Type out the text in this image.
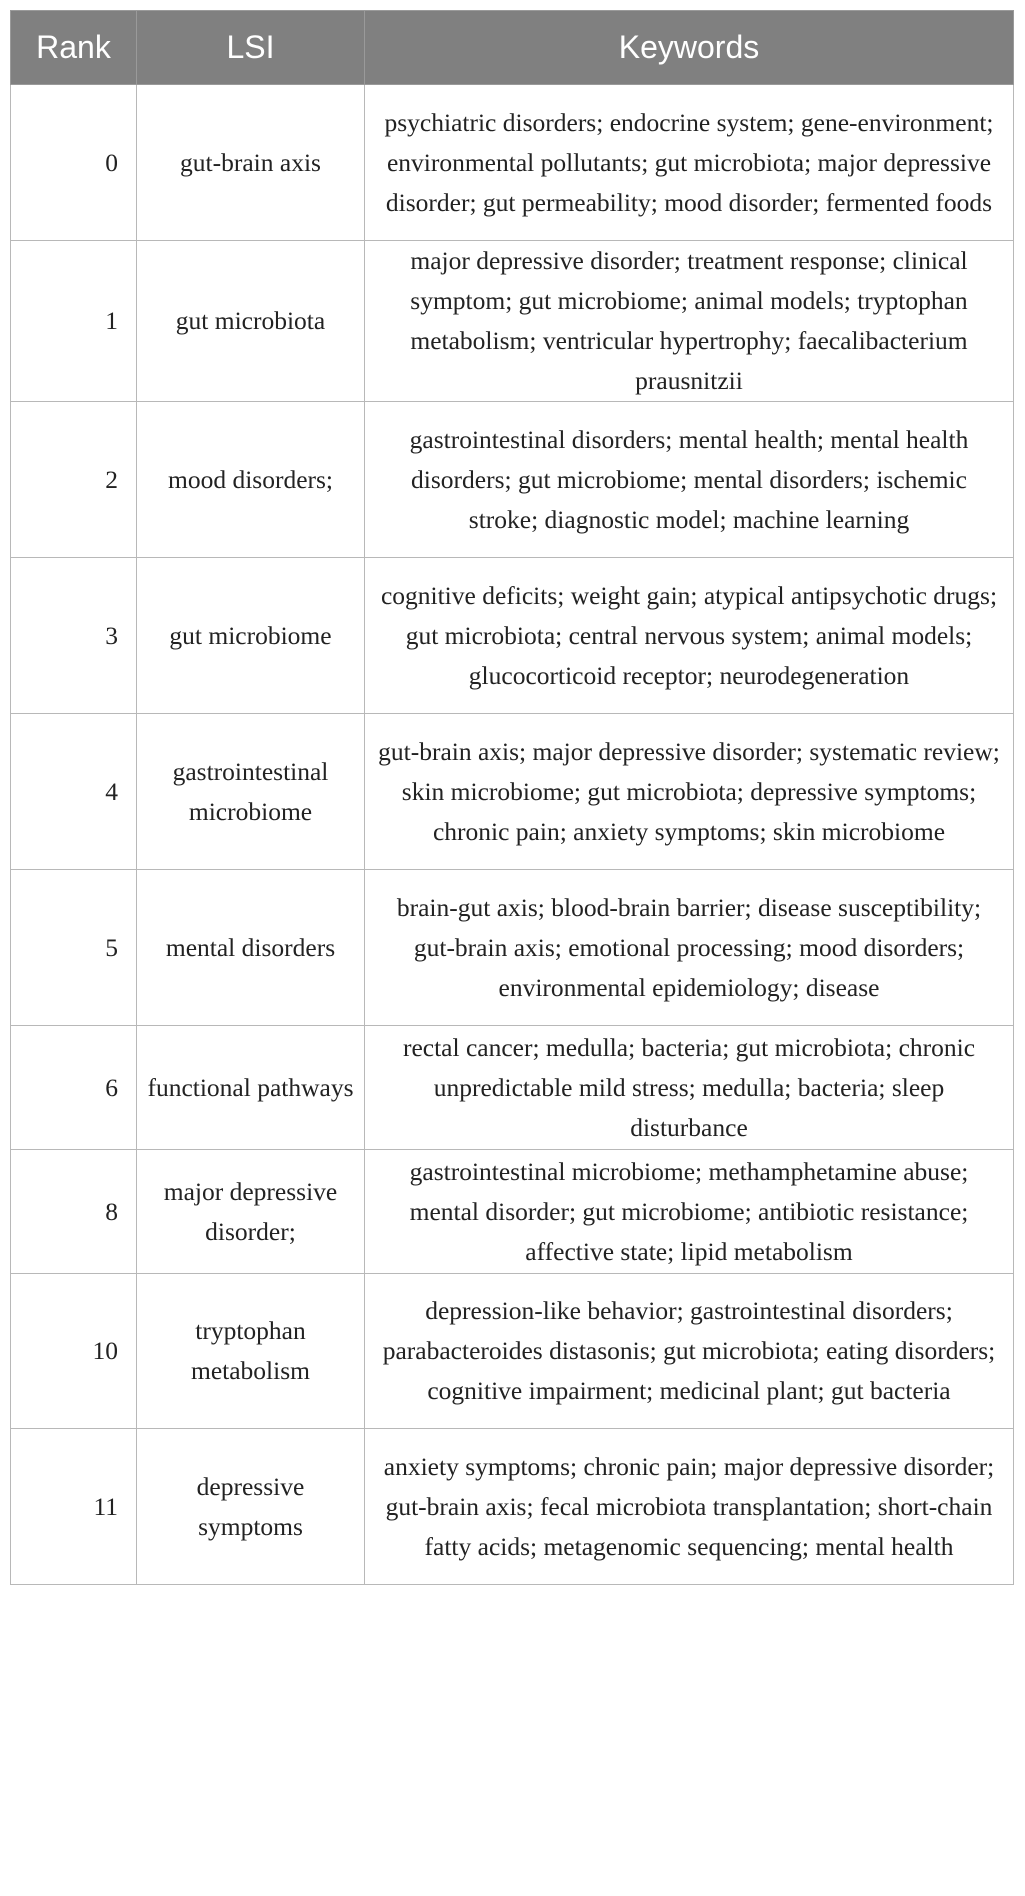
Rank	LSI	Keywords
0	gut-brain axis	psychiatric disorders; endocrine system; gene-environment; environmental pollutants; gut microbiota; major depressive disorder; gut permeability; mood disorder; fermented foods
1	gut microbiota	major depressive disorder; treatment response; clinical symptom; gut microbiome; animal models; tryptophan metabolism; ventricular hypertrophy; faecalibacterium prausnitzii
2	mood disorders;	gastrointestinal disorders; mental health; mental health disorders; gut microbiome; mental disorders; ischemic stroke; diagnostic model; machine learning
3	gut microbiome	cognitive deficits; weight gain; atypical antipsychotic drugs; gut microbiota; central nervous system; animal models; glucocorticoid receptor; neurodegeneration
4	gastrointestinal microbiome	gut-brain axis; major depressive disorder; systematic review; skin microbiome; gut microbiota; depressive symptoms; chronic pain; anxiety symptoms; skin microbiome
5	mental disorders	brain-gut axis; blood-brain barrier; disease susceptibility; gut-brain axis; emotional processing; mood disorders; environmental epidemiology; disease
6	functional pathways	rectal cancer; medulla; bacteria; gut microbiota; chronic unpredictable mild stress; medulla; bacteria; sleep disturbance
8	major depressive disorder;	gastrointestinal microbiome; methamphetamine abuse; mental disorder; gut microbiome; antibiotic resistance; affective state; lipid metabolism
10	tryptophan metabolism	depression-like behavior; gastrointestinal disorders; parabacteroides distasonis; gut microbiota; eating disorders; cognitive impairment; medicinal plant; gut bacteria
11	depressive symptoms	anxiety symptoms; chronic pain; major depressive disorder; gut-brain axis; fecal microbiota transplantation; short-chain fatty acids; metagenomic sequencing; mental health
